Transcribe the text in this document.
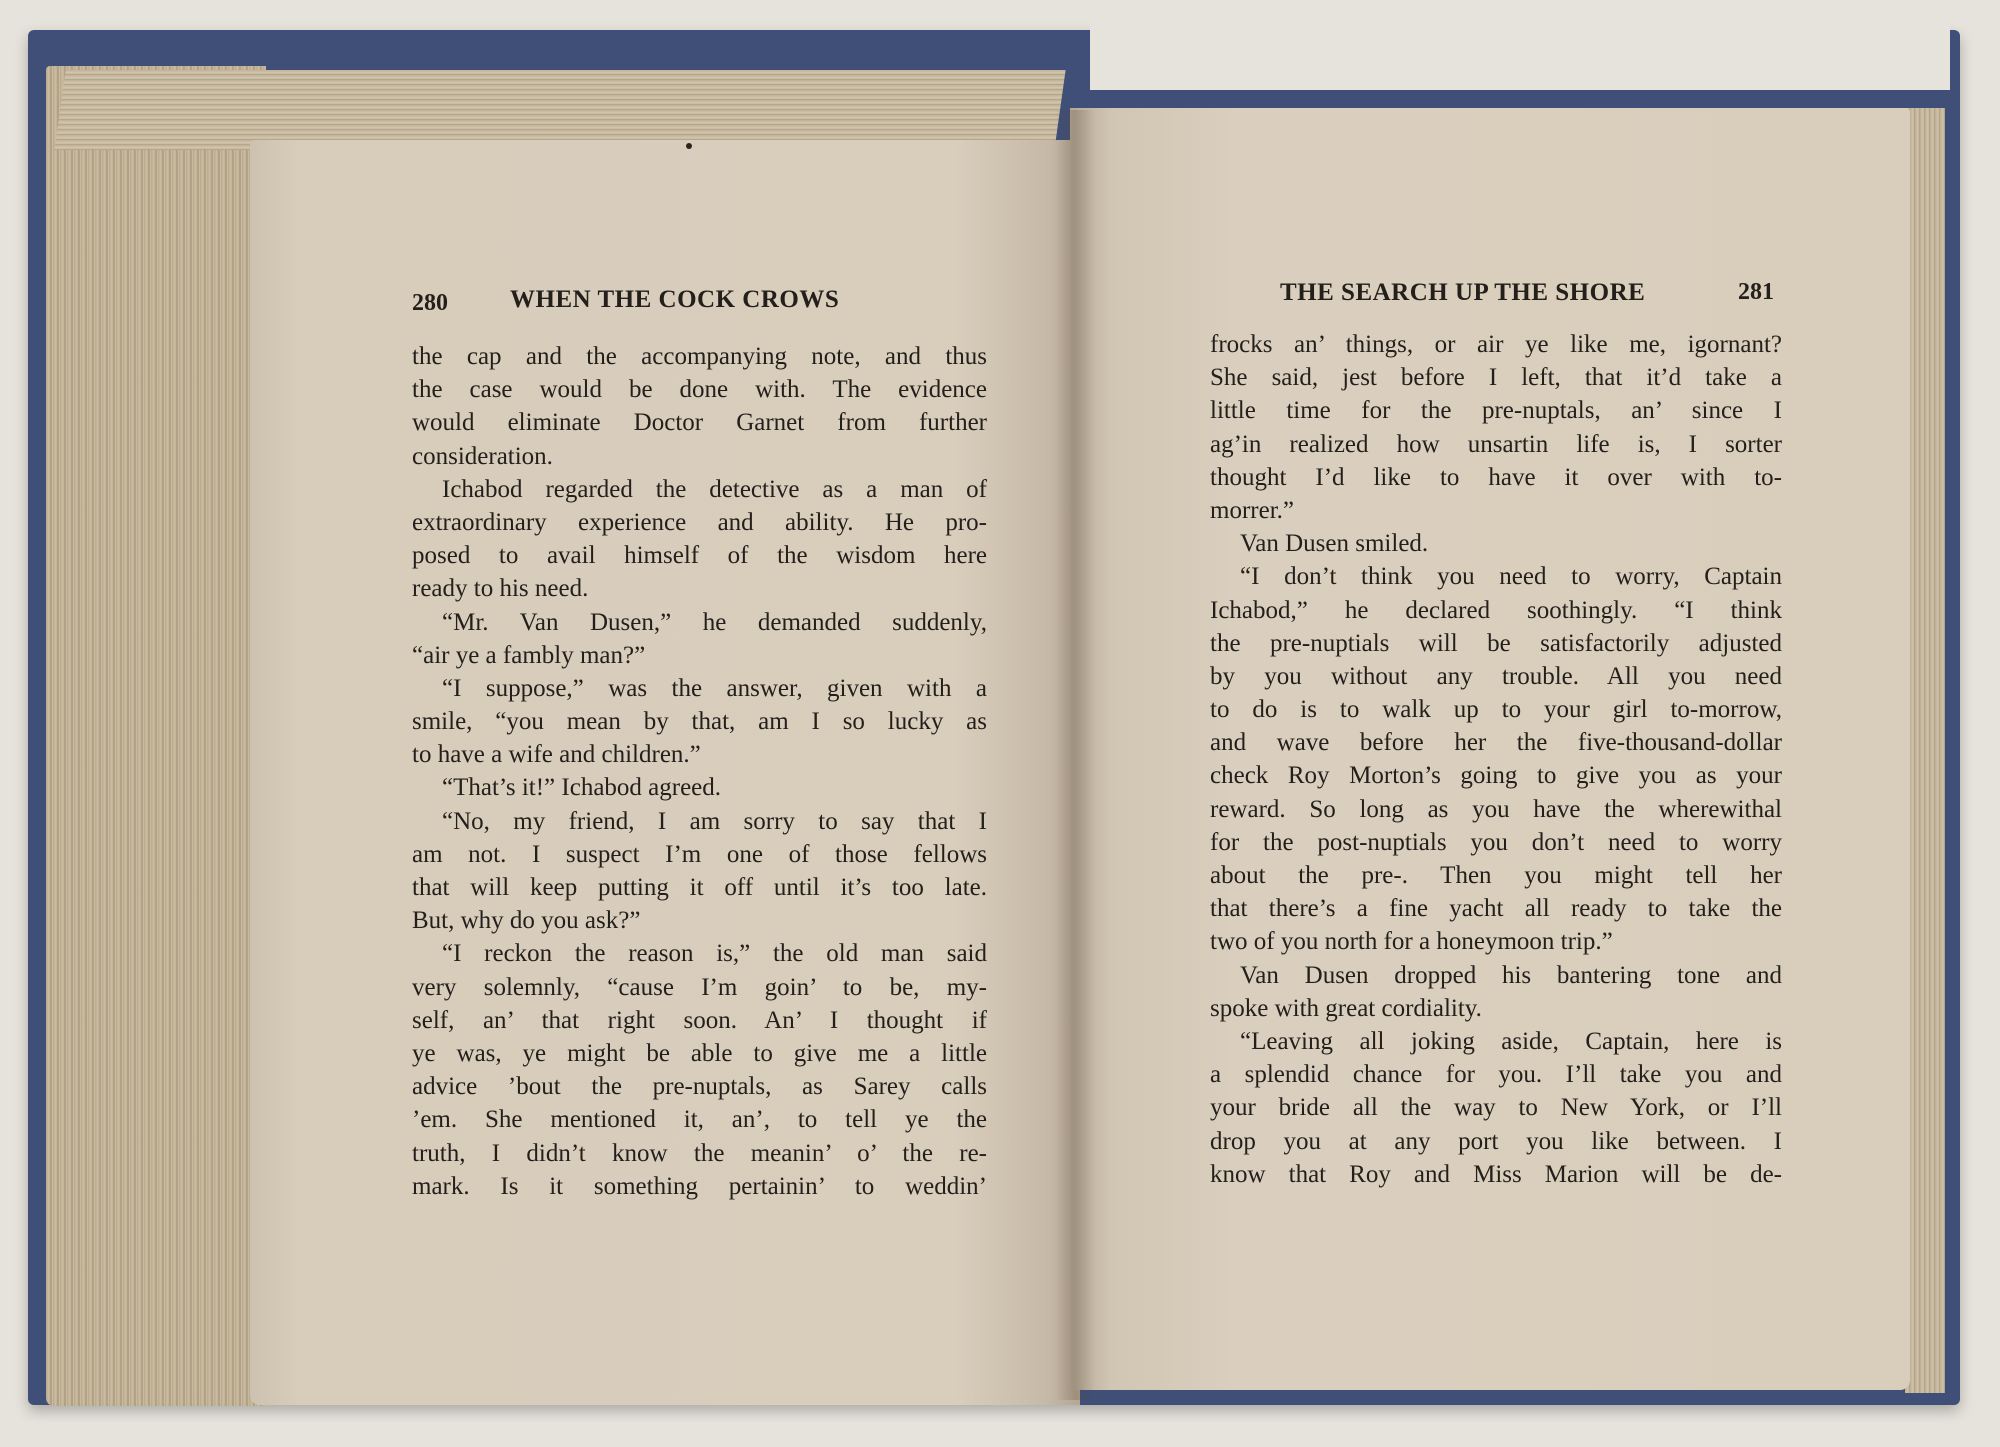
280 WHEN THE COCK CROWS	THE SEARCH UP THE SHORE	281
the cap and the accompanying note, and thus
the case would be done with. The evidence
would eliminate Doctor Garnet from further
consideration.
Ichabod regarded the detective as a man of
extraordinary experience and ability. He pro-
posed to avail himself of the wisdom here
ready to his need.
“Mr. Van Dusen,” he demanded suddenly,
“air ye a fambly man?”
“I suppose,” was the answer, given with a
smile, “you mean by that, am I so lucky as
to have a wife and children.”
“That’s it!” Ichabod agreed.
“No, my friend, I am sorry to say that I
am not. I suspect I’m one of those fellows
that will keep putting it off until it’s too late.
But, why do you ask?”
“I reckon the reason is,” the old man said
very solemnly, “cause I’m goin’ to be, my-
self, an’ that right soon. An’ I thought if
ye was, ye might be able to give me a little
advice ’bout the pre-nuptals, as Sarey calls
’em. She mentioned it, an’, to tell ye the
truth, I didn’t know the meanin’ o’ the re-
mark. Is it something pertainin’ to weddin’
frocks an’ things, or air ye like me, igornant?
She said, jest before I left, that it’d take a
little time for the pre-nuptals, an’ since I
ag’in realized how unsartin life is, I sorter
thought I’d like to have it over with to-
morrer.”
Van Dusen smiled.
“I don’t think you need to worry, Captain
Ichabod,” he declared soothingly. “I think
the pre-nuptials will be satisfactorily adjusted
by you without any trouble. All you need
to do is to walk up to your girl to-morrow,
and wave before her the five-thousand-dollar
check Roy Morton’s going to give you as your
reward. So long as you have the wherewithal
for the post-nuptials you don’t need to worry
about the pre-. Then you might tell her
that there’s a fine yacht all ready to take the
two of you north for a honeymoon trip.”
Van Dusen dropped his bantering tone and
spoke with great cordiality.
“Leaving all joking aside, Captain, here is
a splendid chance for you. I’ll take you and
your bride all the way to New York, or I’ll
drop you at any port you like between. I
know that Roy and Miss Marion will be de-
